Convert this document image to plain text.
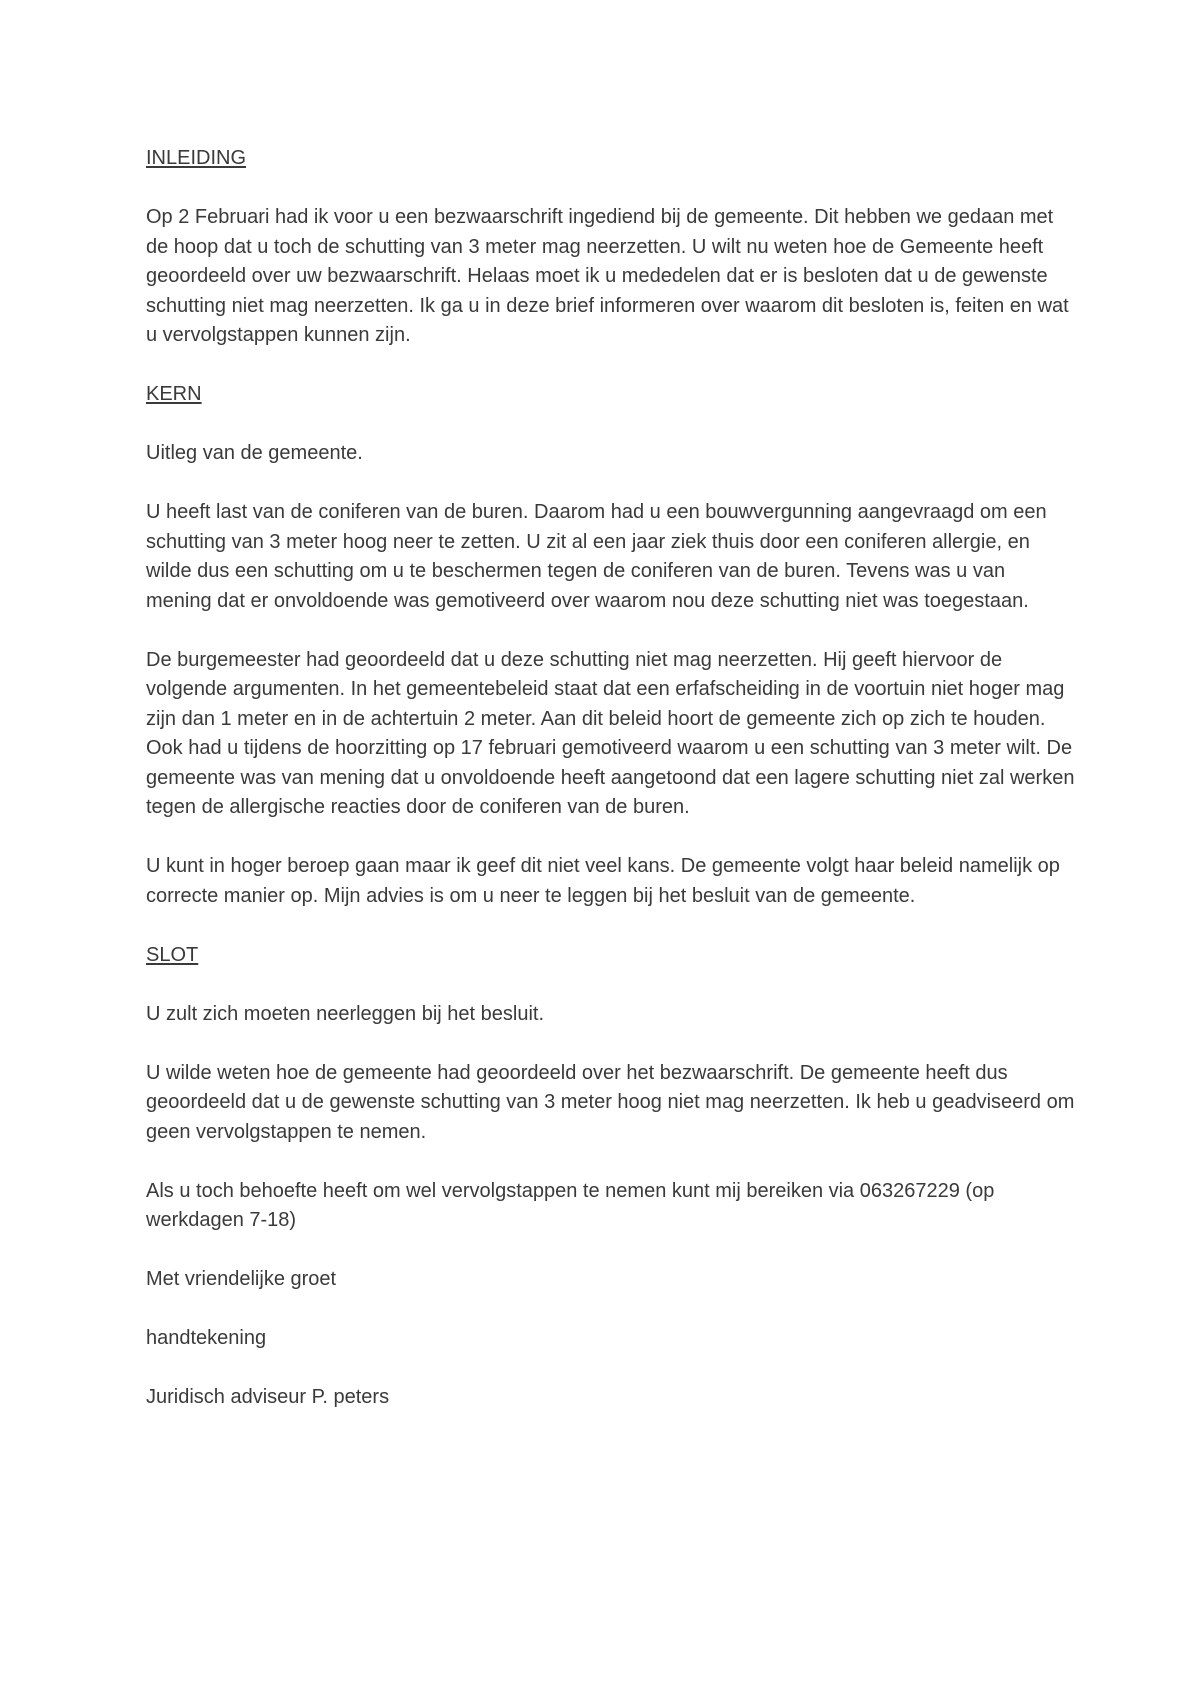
INLEIDING

Op 2 Februari had ik voor u een bezwaarschrift ingediend bij de gemeente. Dit hebben we gedaan met de hoop dat u toch de schutting van 3 meter mag neerzetten. U wilt nu weten hoe de Gemeente heeft geoordeeld over uw bezwaarschrift. Helaas moet ik u mededelen dat er is besloten dat u de gewenste schutting niet mag neerzetten. Ik ga u in deze brief informeren over waarom dit besloten is, feiten en wat u vervolgstappen kunnen zijn.

KERN

Uitleg van de gemeente.

U heeft last van de coniferen van de buren. Daarom had u een bouwvergunning aangevraagd om een schutting van 3 meter hoog neer te zetten. U zit al een jaar ziek thuis door een coniferen allergie, en wilde dus een schutting om u te beschermen tegen de coniferen van de buren. Tevens was u van mening dat er onvoldoende was gemotiveerd over waarom nou deze schutting niet was toegestaan.

De burgemeester had geoordeeld dat u deze schutting niet mag neerzetten. Hij geeft hiervoor de volgende argumenten. In het gemeentebeleid staat dat een erfafscheiding in de voortuin niet hoger mag zijn dan 1 meter en in de achtertuin 2 meter. Aan dit beleid hoort de gemeente zich op zich te houden. Ook had u tijdens de hoorzitting op 17 februari gemotiveerd waarom u een schutting van 3 meter wilt. De gemeente was van mening dat u onvoldoende heeft aangetoond dat een lagere schutting niet zal werken tegen de allergische reacties door de coniferen van de buren.

U kunt in hoger beroep gaan maar ik geef dit niet veel kans. De gemeente volgt haar beleid namelijk op correcte manier op. Mijn advies is om u neer te leggen bij het besluit van de gemeente.

SLOT

U zult zich moeten neerleggen bij het besluit.

U wilde weten hoe de gemeente had geoordeeld over het bezwaarschrift. De gemeente heeft dus geoordeeld dat u de gewenste schutting van 3 meter hoog niet mag neerzetten. Ik heb u geadviseerd om geen vervolgstappen te nemen.

Als u toch behoefte heeft om wel vervolgstappen te nemen kunt mij bereiken via 063267229 (op werkdagen 7-18)

Met vriendelijke groet

handtekening

Juridisch adviseur P. peters
